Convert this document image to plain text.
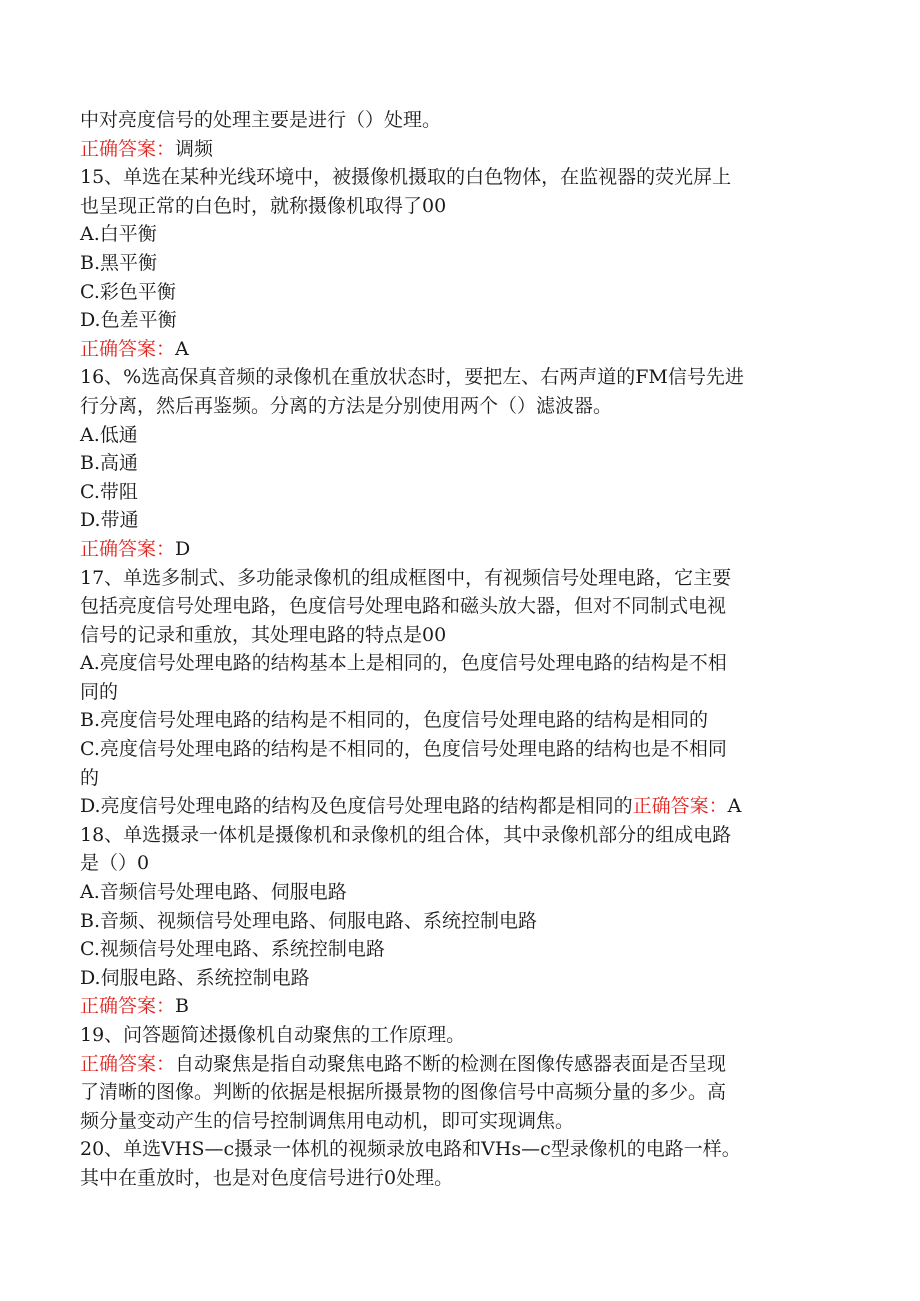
中对亮度信号的处理主要是进行（）处理。
正确答案：调频
15、单选在某种光线环境中，被摄像机摄取的白色物体，在监视器的荧光屏上
也呈现正常的白色时，就称摄像机取得了00
A.白平衡
B.黑平衡
C.彩色平衡
D.色差平衡
正确答案：A
16、%选高保真音频的录像机在重放状态时，要把左、右两声道的FM信号先进
行分离，然后再鉴频。分离的方法是分别使用两个（）滤波器。
A.低通
B.高通
C.带阻
D.带通
正确答案：D
17、单选多制式、多功能录像机的组成框图中，有视频信号处理电路，它主要
包括亮度信号处理电路，色度信号处理电路和磁头放大器，但对不同制式电视
信号的记录和重放，其处理电路的特点是00
A.亮度信号处理电路的结构基本上是相同的，色度信号处理电路的结构是不相
同的
B.亮度信号处理电路的结构是不相同的，色度信号处理电路的结构是相同的
C.亮度信号处理电路的结构是不相同的，色度信号处理电路的结构也是不相同
的
D.亮度信号处理电路的结构及色度信号处理电路的结构都是相同的正确答案：A
18、单选摄录一体机是摄像机和录像机的组合体，其中录像机部分的组成电路
是（）0
A.音频信号处理电路、伺服电路
B.音频、视频信号处理电路、伺服电路、系统控制电路
C.视频信号处理电路、系统控制电路
D.伺服电路、系统控制电路
正确答案：B
19、问答题简述摄像机自动聚焦的工作原理。
正确答案：自动聚焦是指自动聚焦电路不断的检测在图像传感器表面是否呈现
了清晰的图像。判断的依据是根据所摄景物的图像信号中高频分量的多少。高
频分量变动产生的信号控制调焦用电动机，即可实现调焦。
20、单选VHS—c摄录一体机的视频录放电路和VHs—c型录像机的电路一样。
其中在重放时，也是对色度信号进行0处理。
